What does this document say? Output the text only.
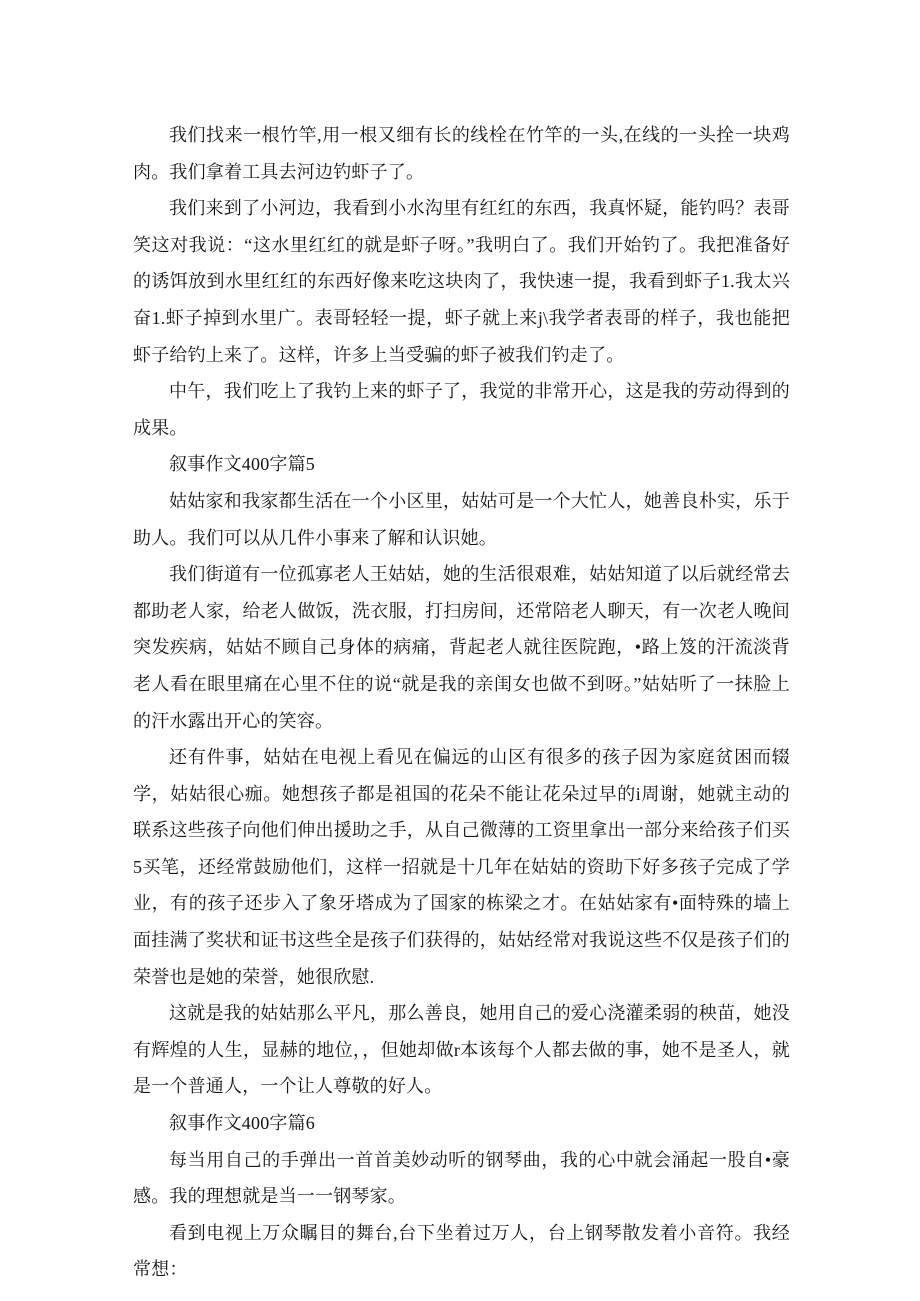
我们找来一根竹竿,用一根又细有长的线栓在竹竿的一头,在线的一头拴一块鸡肉。我们拿着工具去河边钓虾子了。

我们来到了小河边，我看到小水沟里有红红的东西，我真怀疑，能钓吗？表哥笑这对我说：“这水里红红的就是虾子呀。”我明白了。我们开始钓了。我把准备好的诱饵放到水里红红的东西好像来吃这块肉了，我快速一提，我看到虾子1.我太兴奋1.虾子掉到水里广。表哥轻轻一提，虾子就上来j\我学者表哥的样子，我也能把虾子给钓上来了。这样，许多上当受骗的虾子被我们钓走了。

中午，我们吃上了我钓上来的虾子了，我觉的非常开心，这是我的劳动得到的成果。

叙事作文400字篇5

姑姑家和我家都生活在一个小区里，姑姑可是一个大忙人，她善良朴实，乐于助人。我们可以从几件小事来了解和认识她。

我们街道有一位孤寡老人王姑姑，她的生活很艰难，姑姑知道了以后就经常去都助老人家，给老人做饭，洗衣服，打扫房间，还常陪老人聊天，有一次老人晚间突发疾病，姑姑不顾自己身体的病痛，背起老人就往医院跑，•路上笈的汗流淡背老人看在眼里痛在心里不住的说“就是我的亲闺女也做不到呀。”姑姑听了一抹脸上的汗水露出开心的笑容。

还有件事，姑姑在电视上看见在偏远的山区有很多的孩子因为家庭贫困而辍学，姑姑很心痂。她想孩子都是祖国的花朵不能让花朵过早的i周谢，她就主动的联系这些孩子向他们伸出援助之手，从自己微薄的工资里拿出一部分来给孩子们买5买笔，还经常鼓励他们，这样一招就是十几年在姑姑的资助下好多孩子完成了学业，有的孩子还步入了象牙塔成为了国家的栋梁之才。在姑姑家有•面特殊的墙上面挂满了奖状和证书这些全是孩子们获得的，姑姑经常对我说这些不仅是孩子们的荣誉也是她的荣誉，她很欣慰.

这就是我的姑姑那么平凡，那么善良，她用自己的爱心浇灌柔弱的秧苗，她没有辉煌的人生，显赫的地位，，但她却做r本该每个人都去做的事，她不是圣人，就是一个普通人，一个让人尊敬的好人。

叙事作文400字篇6

每当用自己的手弹出一首首美妙动听的钢琴曲，我的心中就会涌起一股自•豪感。我的理想就是当一一钢琴家。

看到电视上万众瞩目的舞台,台下坐着过万人，台上钢琴散发着小音符。我经常想：
